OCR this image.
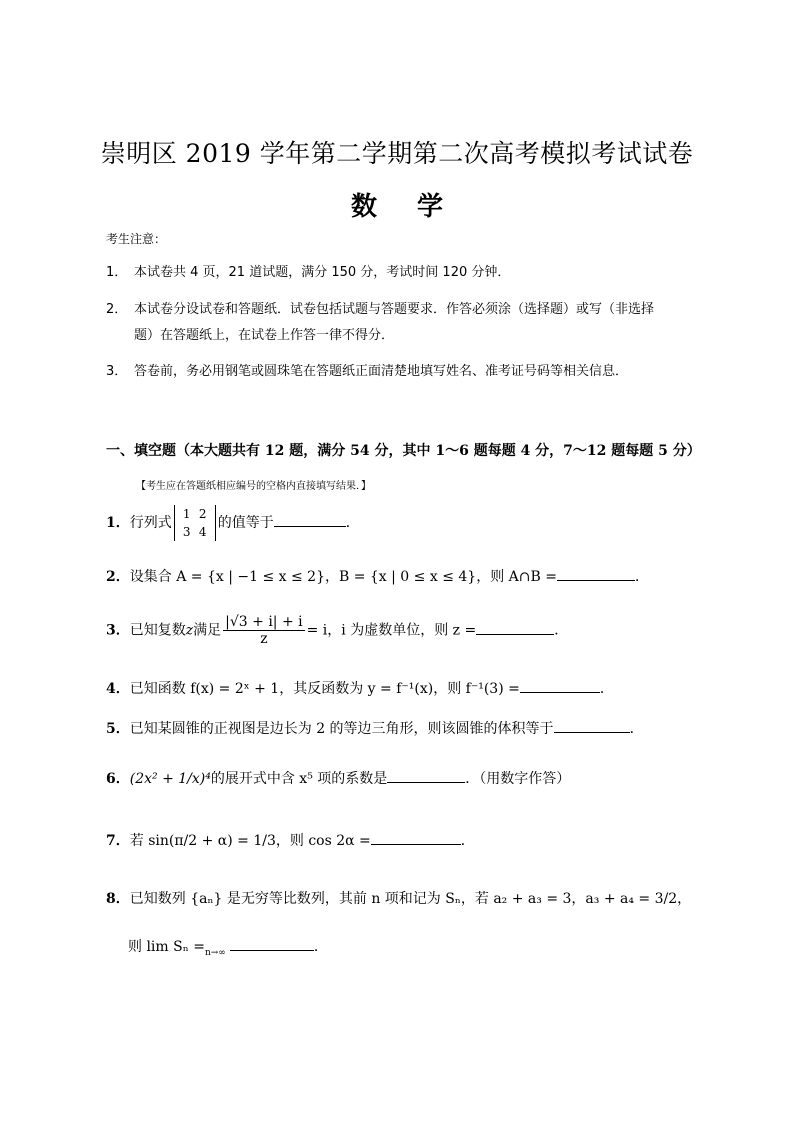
崇明区 2019 学年第二学期第二次高考模拟考试试卷
数 学
考生注意：
1． 本试卷共 4 页，21 道试题，满分 150 分，考试时间 120 分钟．
2． 本试卷分设试卷和答题纸．试卷包括试题与答题要求．作答必须涂（选择题）或写（非选择
题）在答题纸上，在试卷上作答一律不得分．
3． 答卷前，务必用钢笔或圆珠笔在答题纸正面清楚地填写姓名、准考证号码等相关信息．
一、填空题（本大题共有 12 题，满分 54 分，其中 1～6 题每题 4 分，7～12 题每题 5 分）
【考生应在答题纸相应编号的空格内直接填写结果．】
1．行列式
1 2
3 4
的值等于	．
2．设集合 A = {x | −1 ≤ x ≤ 2}，B = {x | 0 ≤ x ≤ 4}，则 A∩B =	．
3．已知复数z满足 $\frac{|√3 + i| + i}{z} = i$，i 为虚数单位，则 z =	．
4．已知函数 f(x) = 2ˣ + 1，其反函数为 y = f⁻¹(x)，则 f⁻¹(3) =	．
5．已知某圆锥的正视图是边长为 2 的等边三角形，则该圆锥的体积等于	．
6．(2x² + 1/x)⁴的展开式中含 x⁵ 项的系数是	．（用数字作答）
7．若 sin(π/2 + α) = 1/3，则 cos 2α =	．
8．已知数列 {aₙ} 是无穷等比数列，其前 n 项和记为 Sₙ，若 a₂ + a₃ = 3，a₃ + a₄ = 3/2，
则 $\lim S_n =_{n\to\infty}$	．
